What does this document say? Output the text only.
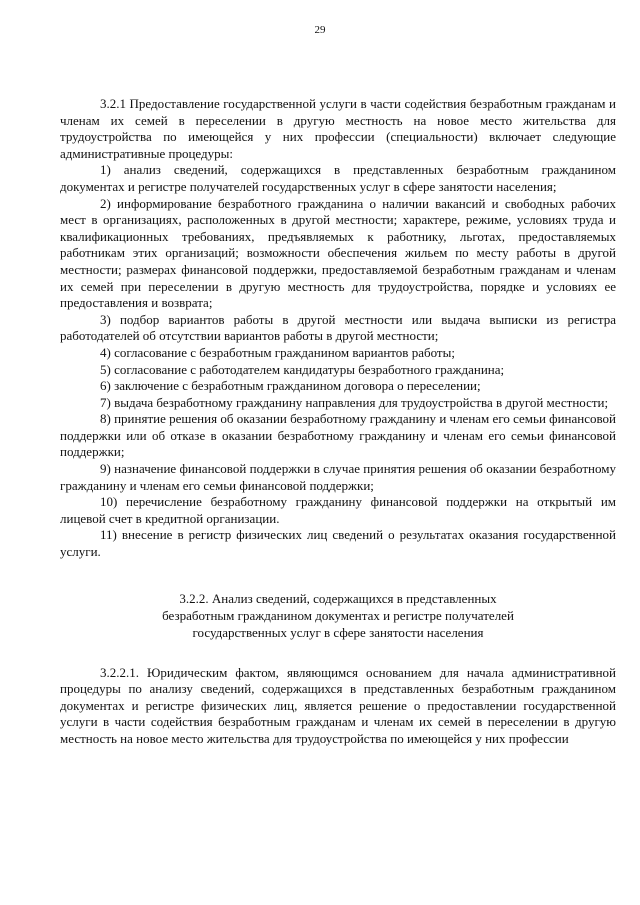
29

3.2.1 Предоставление государственной услуги в части содействия безработным гражданам и членам их семей в переселении в другую местность на новое место жительства для трудоустройства по имеющейся у них профессии (специальности) включает следующие административные процедуры:

1) анализ сведений, содержащихся в представленных безработным гражданином документах и регистре получателей государственных услуг в сфере занятости населения;

2) информирование безработного гражданина о наличии вакансий и свободных рабочих мест в организациях, расположенных в другой местности; характере, режиме, условиях труда и квалификационных требованиях, предъявляемых к работнику, льготах, предоставляемых работникам этих организаций; возможности обеспечения жильем по месту работы в другой местности; размерах финансовой поддержки, предоставляемой безработным гражданам и членам их семей при переселении в другую местность для трудоустройства, порядке и условиях ее предоставления и возврата;

3) подбор вариантов работы в другой местности или выдача выписки из регистра работодателей об отсутствии вариантов работы в другой местности;

4) согласование с безработным гражданином вариантов работы;

5) согласование с работодателем кандидатуры безработного гражданина;

6) заключение с безработным гражданином договора о переселении;

7) выдача безработному гражданину направления для трудоустройства в другой местности;

8) принятие решения об оказании безработному гражданину и членам его семьи финансовой поддержки или об отказе в оказании безработному гражданину и членам его семьи финансовой поддержки;

9) назначение финансовой поддержки в случае принятия решения об оказании безработному гражданину и членам его семьи финансовой поддержки;

10) перечисление безработному гражданину финансовой поддержки на открытый им лицевой счет в кредитной организации.

11) внесение в регистр физических лиц сведений о результатах оказания государственной услуги.

3.2.2. Анализ сведений, содержащихся в представленных
безработным гражданином документах и регистре получателей
государственных услуг в сфере занятости населения

3.2.2.1. Юридическим фактом, являющимся основанием для начала административной процедуры по анализу сведений, содержащихся в представленных безработным гражданином документах и регистре физических лиц, является решение о предоставлении государственной услуги в части содействия безработным гражданам и членам их семей в переселении в другую местность на новое место жительства для трудоустройства по имеющейся у них профессии
